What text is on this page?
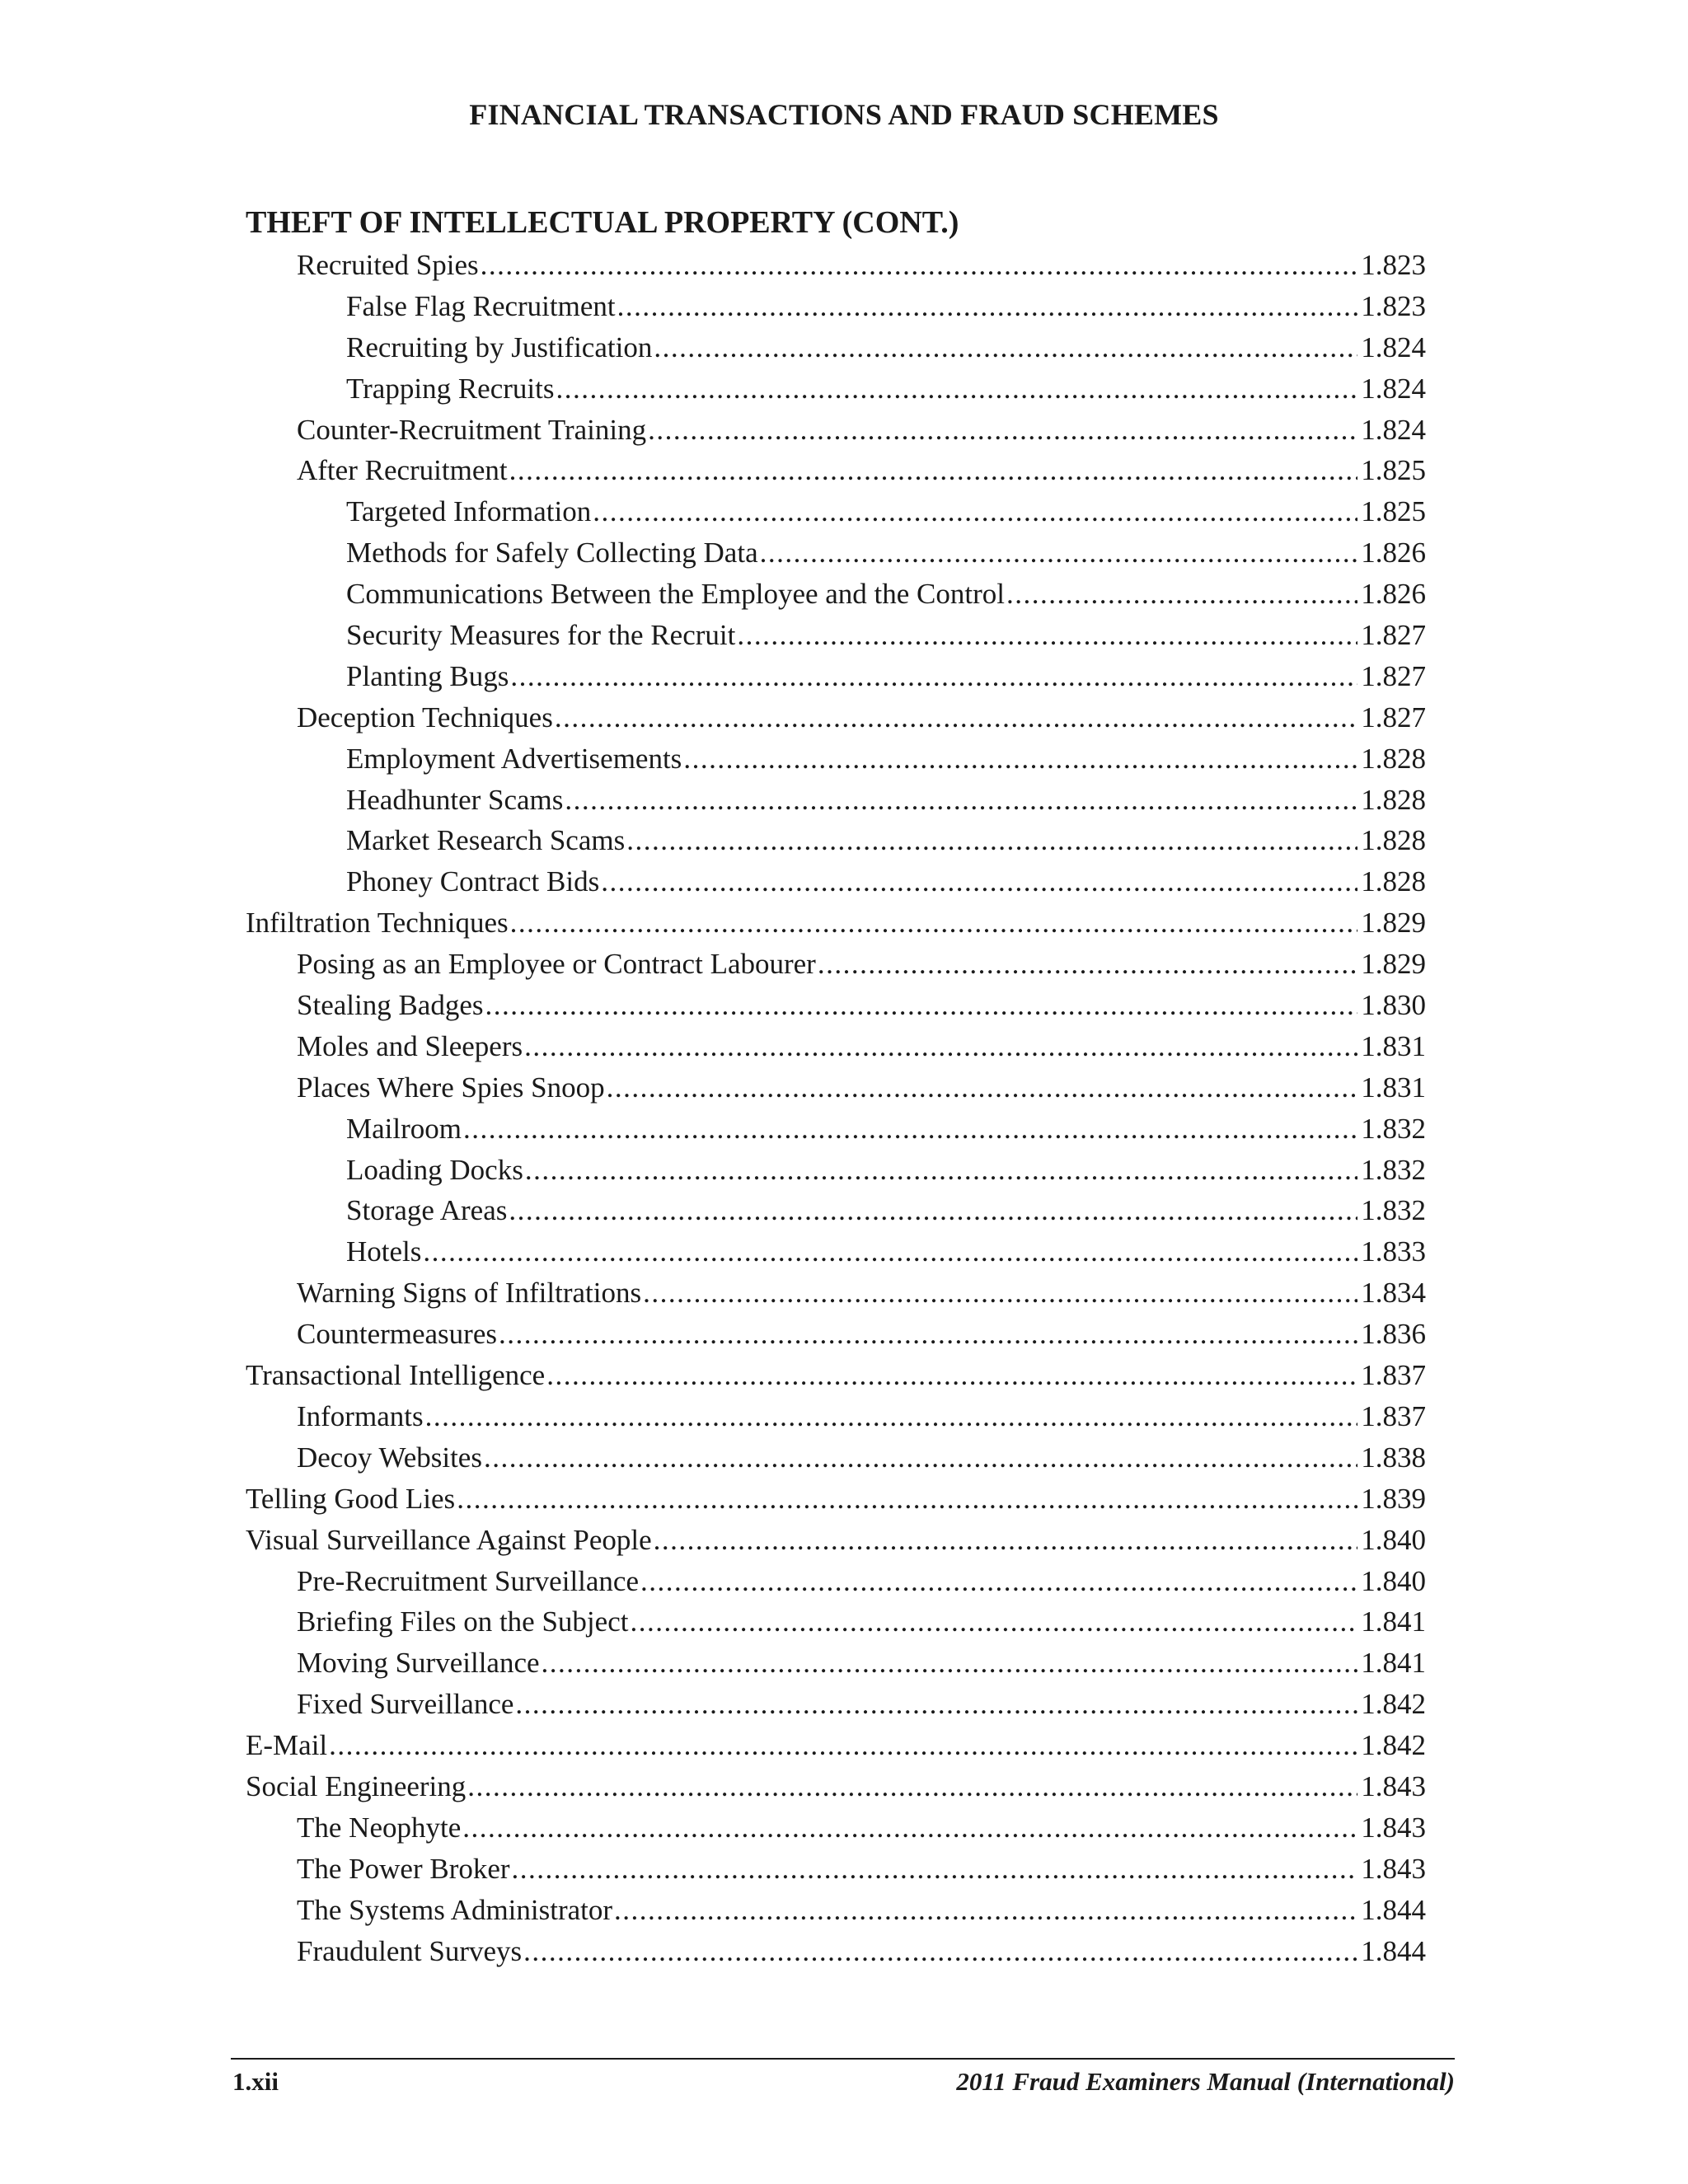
FINANCIAL TRANSACTIONS AND FRAUD SCHEMES
THEFT OF INTELLECTUAL PROPERTY (CONT.)
Recruited Spies .....	1.823
False Flag Recruitment .....	1.823
Recruiting by Justification .....	1.824
Trapping Recruits .....	1.824
Counter-Recruitment Training .....	1.824
After Recruitment .....	1.825
Targeted Information .....	1.825
Methods for Safely Collecting Data .....	1.826
Communications Between the Employee and the Control .....	1.826
Security Measures for the Recruit .....	1.827
Planting Bugs .....	1.827
Deception Techniques .....	1.827
Employment Advertisements .....	1.828
Headhunter Scams .....	1.828
Market Research Scams .....	1.828
Phoney Contract Bids .....	1.828
Infiltration Techniques .....	1.829
Posing as an Employee or Contract Labourer .....	1.829
Stealing Badges .....	1.830
Moles and Sleepers .....	1.831
Places Where Spies Snoop .....	1.831
Mailroom .....	1.832
Loading Docks .....	1.832
Storage Areas .....	1.832
Hotels .....	1.833
Warning Signs of Infiltrations .....	1.834
Countermeasures .....	1.836
Transactional Intelligence .....	1.837
Informants .....	1.837
Decoy Websites .....	1.838
Telling Good Lies .....	1.839
Visual Surveillance Against People .....	1.840
Pre-Recruitment Surveillance .....	1.840
Briefing Files on the Subject .....	1.841
Moving Surveillance .....	1.841
Fixed Surveillance .....	1.842
E-Mail .....	1.842
Social Engineering .....	1.843
The Neophyte .....	1.843
The Power Broker .....	1.843
The Systems Administrator .....	1.844
Fraudulent Surveys .....	1.844
1.xii	2011 Fraud Examiners Manual (International)
